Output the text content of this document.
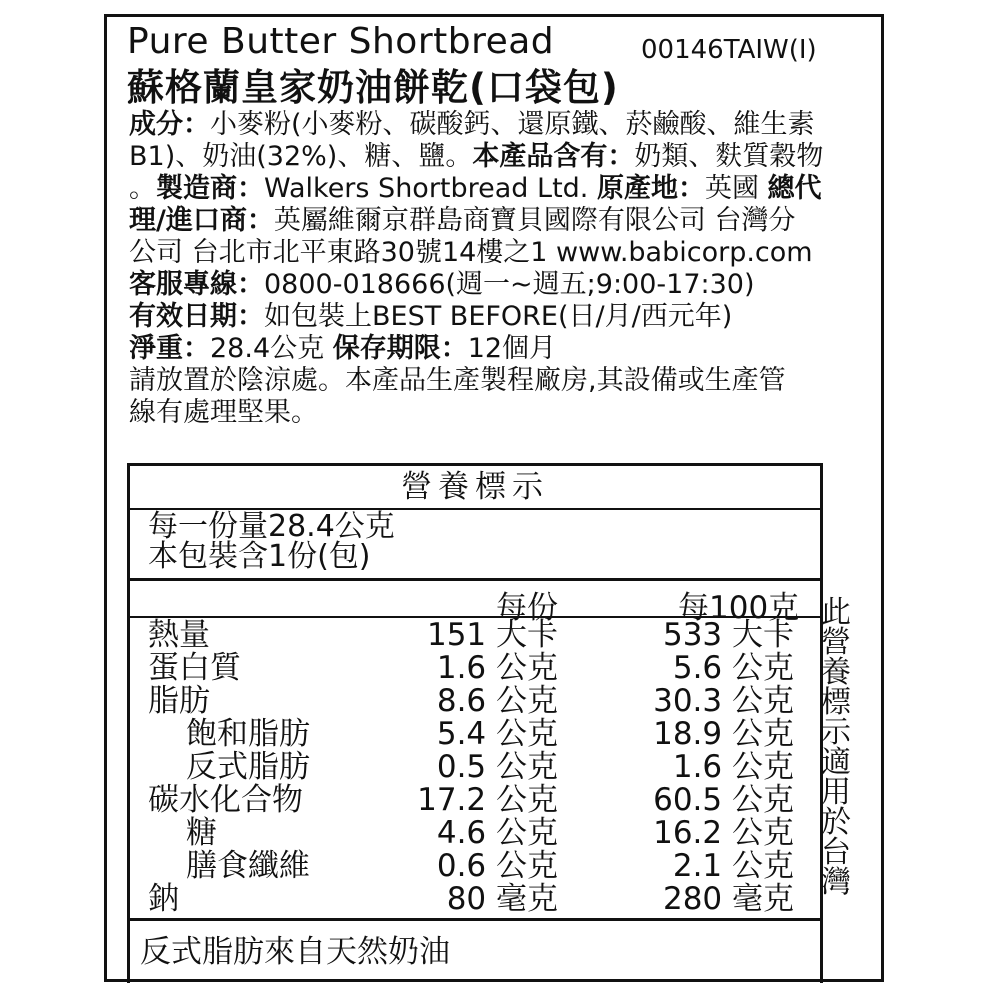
Pure Butter Shortbread	00146TAIW(I)
蘇格蘭皇家奶油餅乾(口袋包)
成分：小麥粉(小麥粉、碳酸鈣、還原鐵、菸鹼酸、維生素
B1)、奶油(32%)、糖、鹽。本產品含有：奶類、麩質穀物
。製造商：Walkers Shortbread Ltd. 原產地：英國 總代
理/進口商：英屬維爾京群島商寶貝國際有限公司 台灣分
公司 台北市北平東路30號14樓之1 www.babicorp.com
客服專線：0800-018666(週一~週五;9:00-17:30)
有效日期：如包裝上BEST BEFORE(日/月/西元年)
淨重：28.4公克 保存期限：12個月
請放置於陰涼處。本產品生產製程廠房,其設備或生產管
線有處理堅果。
營養標示
每一份量28.4公克
本包裝含1份(包)
每份	每100克
熱量	151 大卡	533 大卡
蛋白質	1.6 公克	5.6 公克
脂肪	8.6 公克	30.3 公克
飽和脂肪	5.4 公克	18.9 公克
反式脂肪	0.5 公克	1.6 公克
碳水化合物	17.2 公克	60.5 公克
糖	4.6 公克	16.2 公克
膳食纖維	0.6 公克	2.1 公克
鈉	80 毫克	280 毫克
反式脂肪來自天然奶油
此營養標示適用於台灣
